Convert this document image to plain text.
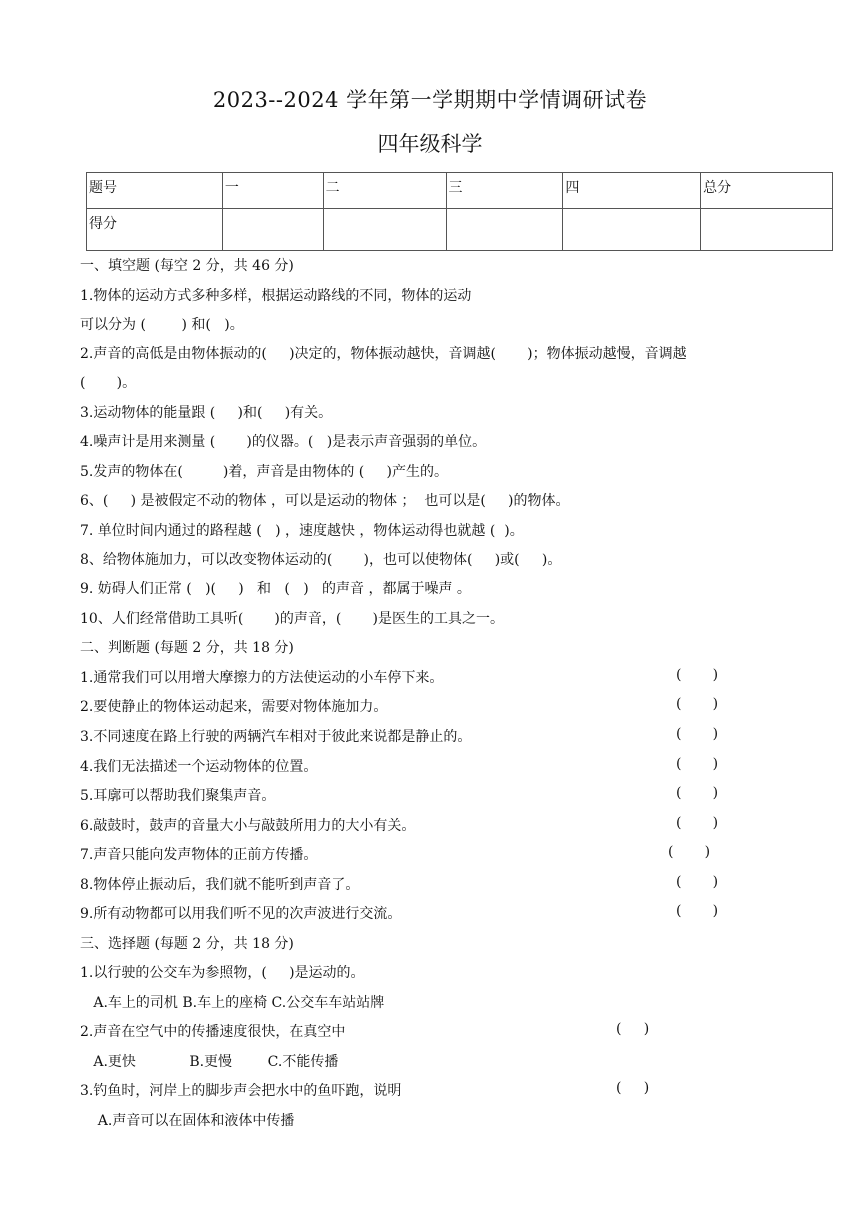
2023--2024 学年第一学期期中学情调研试卷
四年级科学
题号	一	二	三	四	总分
得分					
一、填空题 (每空 2 分，共 46 分)
1.物体的运动方式多种多样，根据运动路线的不同，物体的运动
可以分为 (        ) 和(   )。
2.声音的高低是由物体振动的(     )决定的，物体振动越快，音调越(       )；物体振动越慢，音调越
(       )。
3.运动物体的能量跟 (     )和(     )有关。
4.噪声计是用来测量 (       )的仪器。(   )是表示声音强弱的单位。
5.发声的物体在(         )着，声音是由物体的 (     )产生的。
6、(     ) 是被假定不动的物体 ，可以是运动的物体 ；  也可以是(     )的物体。
7. 单位时间内通过的路程越 (   ) ，速度越快 ，物体运动得也就越 (  )。
8、给物体施加力，可以改变物体运动的(       )，也可以使物体(     )或(     )。
9. 妨碍人们正常 (   )(     )   和   (   )   的声音 ，都属于噪声 。
10、人们经常借助工具听(       )的声音，(       )是医生的工具之一。
二、判断题 (每题 2 分，共 18 分)
1.通常我们可以用增大摩擦力的方法使运动的小车停下来。	(       )
2.要使静止的物体运动起来，需要对物体施加力。	(       )
3.不同速度在路上行驶的两辆汽车相对于彼此来说都是静止的。	(       )
4.我们无法描述一个运动物体的位置。	(       )
5.耳廓可以帮助我们聚集声音。	(       )
6.敲鼓时，鼓声的音量大小与敲鼓所用力的大小有关。	(       )
7.声音只能向发声物体的正前方传播。	(       )
8.物体停止振动后，我们就不能听到声音了。	(       )
9.所有动物都可以用我们听不见的次声波进行交流。	(       )
三、选择题 (每题 2 分，共 18 分)
1.以行驶的公交车为参照物，(     )是运动的。
A.车上的司机 B.车上的座椅 C.公交车车站站牌
2.声音在空气中的传播速度很快，在真空中	(     )
A.更快            B.更慢        C.不能传播
3.钓鱼时，河岸上的脚步声会把水中的鱼吓跑，说明	(     )
A.声音可以在固体和液体中传播
